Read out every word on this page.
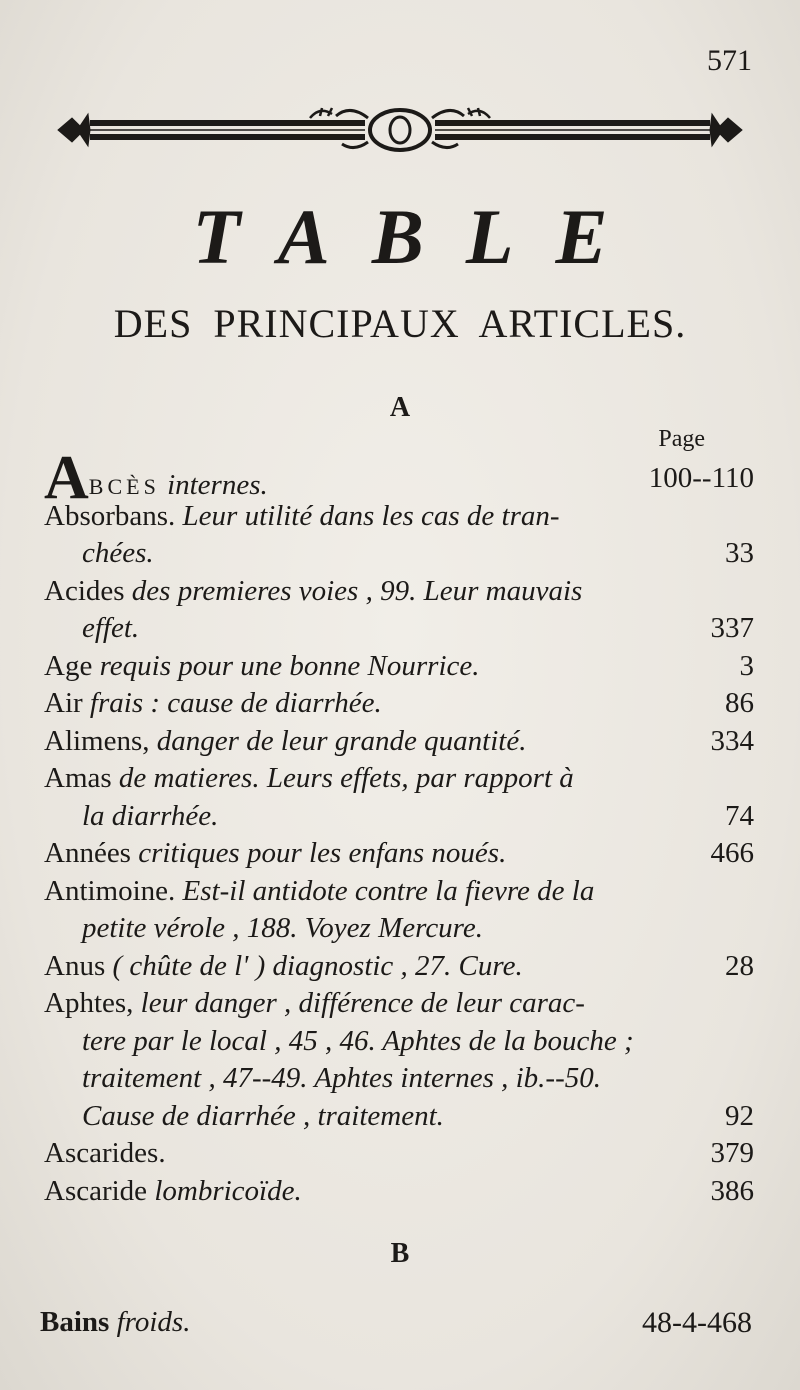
571
TABLE
DES PRINCIPAUX ARTICLES.
A
Page
ABCÈS internes.	100--110
Absorbans. Leur utilité dans les cas de tran-
chées.	33
Acides des premieres voies , 99. Leur mauvais
effet.	337
Age requis pour une bonne Nourrice.	3
Air frais : cause de diarrhée.	86
Alimens, danger de leur grande quantité.	334
Amas de matieres. Leurs effets, par rapport à
la diarrhée.	74
Années critiques pour les enfans noués.	466
Antimoine. Est-il antidote contre la fievre de la
petite vérole , 188. Voyez Mercure.
Anus ( chûte de l' ) diagnostic , 27. Cure.	28
Aphtes, leur danger , différence de leur carac-
tere par le local , 45 , 46. Aphtes de la bouche ;
traitement , 47--49. Aphtes internes , ib.--50.
Cause de diarrhée , traitement.	92
Ascarides.	379
Ascaride lombricoïde.	386
B
Bains froids.	48-4-468
